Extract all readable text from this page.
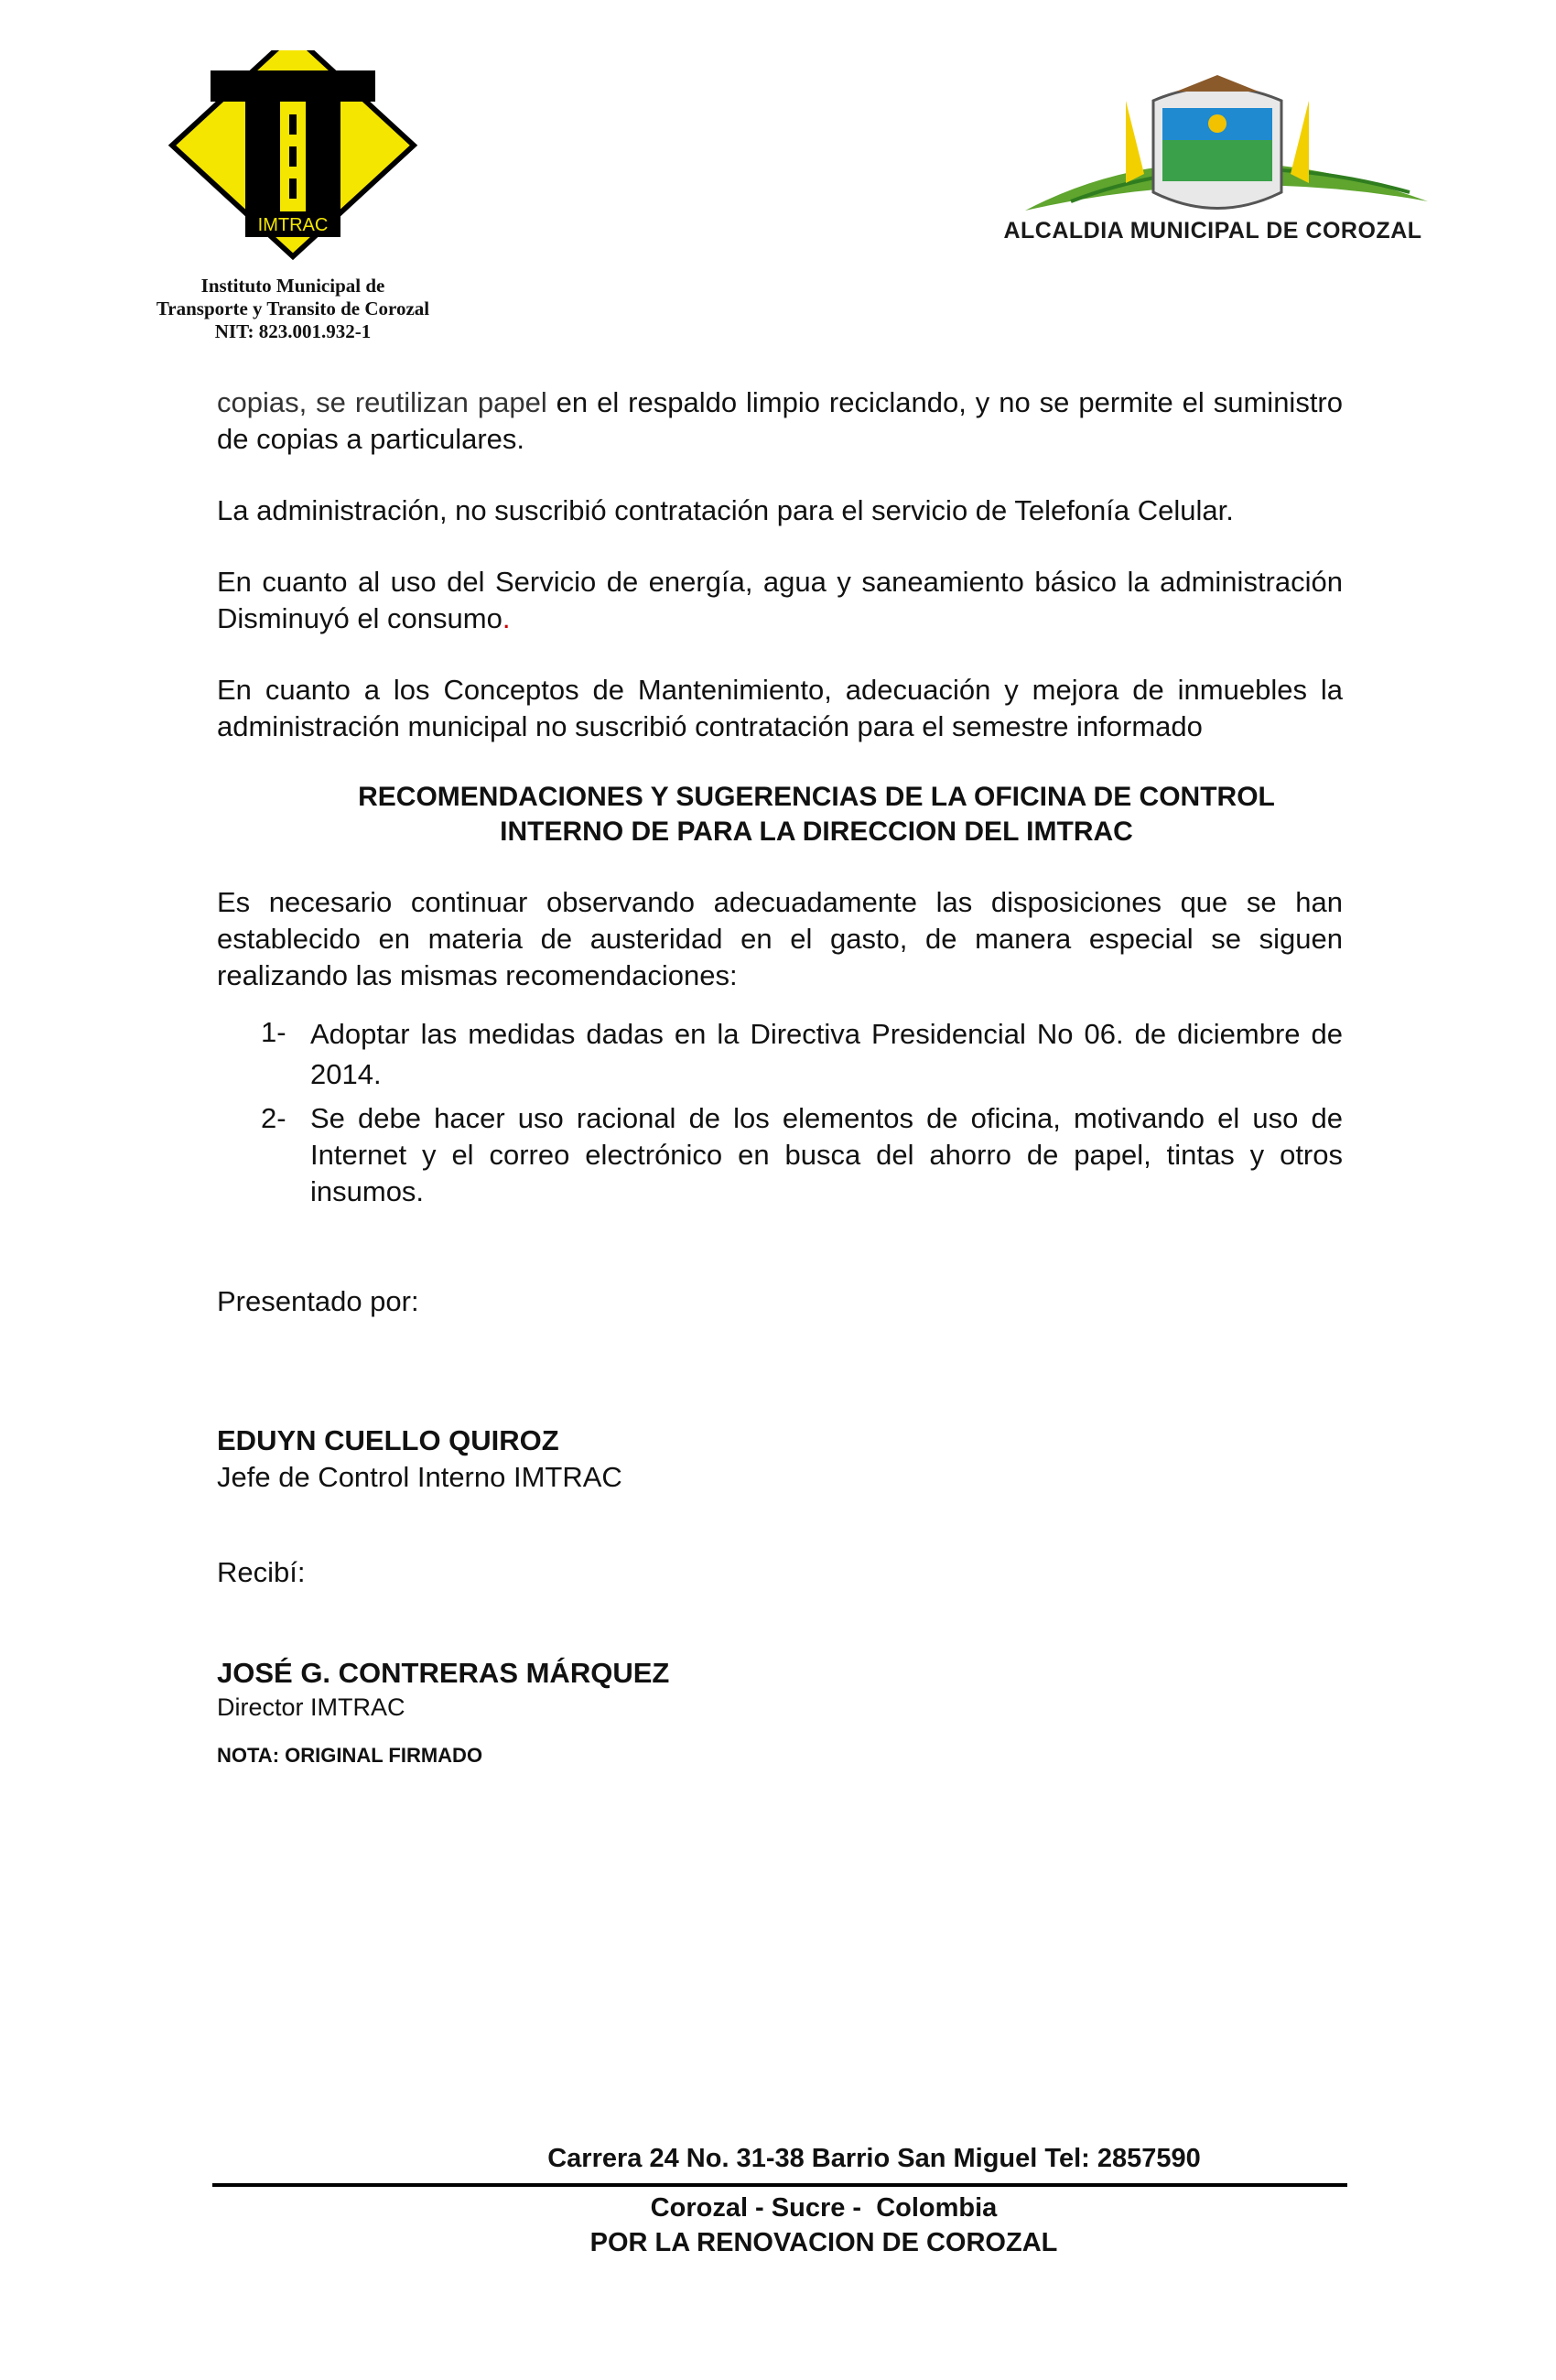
IMTRAC
Instituto Municipal de
Transporte y Transito de Corozal
NIT: 823.001.932-1
ALCALDIA MUNICIPAL DE COROZAL

copias, se reutilizan papel en el respaldo limpio reciclando, y no se permite el suministro de copias a particulares.

La administración, no suscribió contratación para el servicio de Telefonía Celular.

En cuanto al uso del Servicio de energía, agua y saneamiento básico la administración Disminuyó el consumo.

En cuanto a los Conceptos de Mantenimiento, adecuación y mejora de inmuebles la administración municipal no suscribió contratación para el semestre informado

RECOMENDACIONES Y SUGERENCIAS DE LA OFICINA DE CONTROL
INTERNO DE PARA LA DIRECCION DEL IMTRAC

Es necesario continuar observando adecuadamente las disposiciones que se han establecido en materia de austeridad en el gasto, de manera especial se siguen realizando las mismas recomendaciones:

1- Adoptar las medidas dadas en la Directiva Presidencial No 06. de diciembre de 2014.
2- Se debe hacer uso racional de los elementos de oficina, motivando el uso de Internet y el correo electrónico en busca del ahorro de papel, tintas y otros insumos.

Presentado por:

EDUYN CUELLO QUIROZ

Jefe de Control Interno IMTRAC

Recibí:

JOSÉ G. CONTRERAS MÁRQUEZ

Director IMTRAC

NOTA: ORIGINAL FIRMADO

Carrera 24 No. 31-38 Barrio San Miguel Tel: 2857590
Corozal - Sucre -  Colombia
POR LA RENOVACION DE COROZAL
